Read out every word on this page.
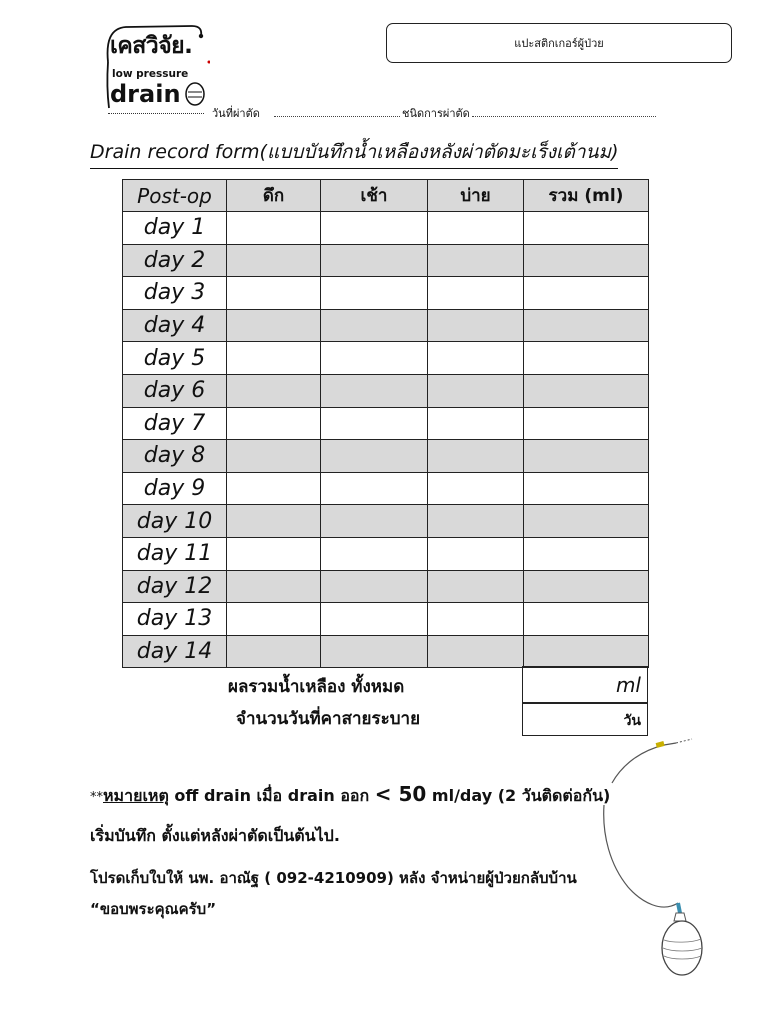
เคสวิจัย.
low pressure
drain
แปะสติกเกอร์ผู้ป่วย
วันที่ผ่าตัด	ชนิดการผ่าตัด
Drain record form(แบบบันทึกน้ำเหลืองหลังผ่าตัดมะเร็งเต้านม)
Post-op	ดึก	เช้า	บ่าย	รวม (ml)
day 1				
day 2				
day 3				
day 4				
day 5				
day 6				
day 7				
day 8				
day 9				
day 10				
day 11				
day 12				
day 13				
day 14				
ผลรวมน้ำเหลือง ทั้งหมด	ml
จำนวนวันที่คาสายระบาย	วัน
**หมายเหตุ off drain เมื่อ drain ออก < 50 ml/day (2 วันติดต่อกัน)
เริ่มบันทึก ตั้งแต่หลังผ่าตัดเป็นต้นไป.
โปรดเก็บใบให้ นพ. อาณัฐ ( 092-4210909) หลัง จำหน่ายผู้ป่วยกลับบ้าน
“ขอบพระคุณครับ”
